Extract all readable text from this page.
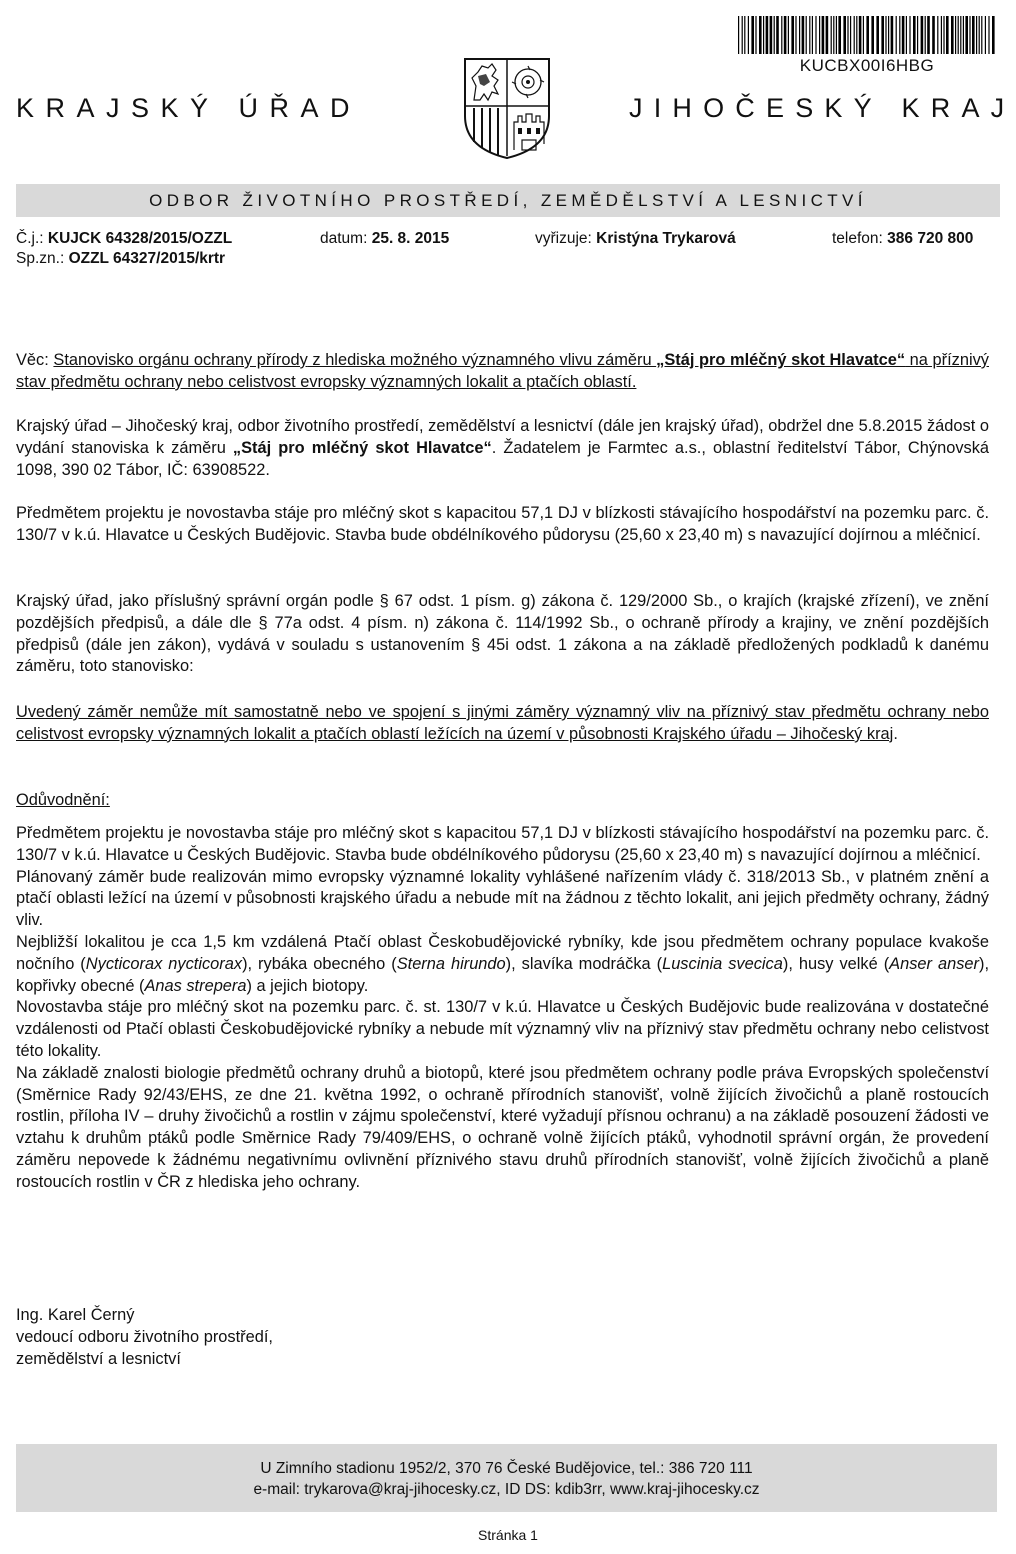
KUCBX00I6HBG
KRAJSKÝ ÚŘAD	JIHOČESKÝ KRAJ
ODBOR ŽIVOTNÍHO PROSTŘEDÍ, ZEMĚDĚLSTVÍ A LESNICTVÍ
Č.j.: KUJCK 64328/2015/OZZL
Sp.zn.: OZZL 64327/2015/krtr
datum: 25. 8. 2015	vyřizuje: Kristýna Trykarová	telefon: 386 720 800

Věc: Stanovisko orgánu ochrany přírody z hlediska možného významného vlivu záměru „Stáj pro mléčný skot Hlavatce“ na příznivý stav předmětu ochrany nebo celistvost evropsky významných lokalit a ptačích oblastí.

Krajský úřad – Jihočeský kraj, odbor životního prostředí, zemědělství a lesnictví (dále jen krajský úřad), obdržel dne 5.8.2015 žádost o vydání stanoviska k záměru „Stáj pro mléčný skot Hlavatce“. Žadatelem je Farmtec a.s., oblastní ředitelství Tábor, Chýnovská 1098, 390 02 Tábor, IČ: 63908522.

Předmětem projektu je novostavba stáje pro mléčný skot s kapacitou 57,1 DJ v blízkosti stávajícího hospodářství na pozemku parc. č. 130/7 v k.ú. Hlavatce u Českých Budějovic. Stavba bude obdélníkového půdorysu (25,60 x 23,40 m) s navazující dojírnou a mléčnicí.

Krajský úřad, jako příslušný správní orgán podle § 67 odst. 1 písm. g) zákona č. 129/2000 Sb., o krajích (krajské zřízení), ve znění pozdějších předpisů, a dále dle § 77a odst. 4 písm. n) zákona č. 114/1992 Sb., o ochraně přírody a krajiny, ve znění pozdějších předpisů (dále jen zákon), vydává v souladu s ustanovením § 45i odst. 1 zákona a na základě předložených podkladů k danému záměru, toto stanovisko:

Uvedený záměr nemůže mít samostatně nebo ve spojení s jinými záměry významný vliv na příznivý stav předmětu ochrany nebo celistvost evropsky významných lokalit a ptačích oblastí ležících na území v působnosti Krajského úřadu – Jihočeský kraj.

Odůvodnění:

Předmětem projektu je novostavba stáje pro mléčný skot s kapacitou 57,1 DJ v blízkosti stávajícího hospodářství na pozemku parc. č. 130/7 v k.ú. Hlavatce u Českých Budějovic. Stavba bude obdélníkového půdorysu (25,60 x 23,40 m) s navazující dojírnou a mléčnicí.

Plánovaný záměr bude realizován mimo evropsky významné lokality vyhlášené nařízením vlády č. 318/2013 Sb., v platném znění a ptačí oblasti ležící na území v působnosti krajského úřadu a nebude mít na žádnou z těchto lokalit, ani jejich předměty ochrany, žádný vliv.

Nejbližší lokalitou je cca 1,5 km vzdálená Ptačí oblast Českobudějovické rybníky, kde jsou předmětem ochrany populace kvakoše nočního (Nycticorax nycticorax), rybáka obecného (Sterna hirundo), slavíka modráčka (Luscinia svecica), husy velké (Anser anser), kopřivky obecné (Anas strepera) a jejich biotopy.

Novostavba stáje pro mléčný skot na pozemku parc. č. st. 130/7 v k.ú. Hlavatce u Českých Budějovic bude realizována v dostatečné vzdálenosti od Ptačí oblasti Českobudějovické rybníky a nebude mít významný vliv na příznivý stav předmětu ochrany nebo celistvost této lokality.

Na základě znalosti biologie předmětů ochrany druhů a biotopů, které jsou předmětem ochrany podle práva Evropských společenství (Směrnice Rady 92/43/EHS, ze dne 21. května 1992, o ochraně přírodních stanovišť, volně žijících živočichů a planě rostoucích rostlin, příloha IV – druhy živočichů a rostlin v zájmu společenství, které vyžadují přísnou ochranu) a na základě posouzení žádosti ve vztahu k druhům ptáků podle Směrnice Rady 79/409/EHS, o ochraně volně žijících ptáků, vyhodnotil správní orgán, že provedení záměru nepovede k žádnému negativnímu ovlivnění příznivého stavu druhů přírodních stanovišť, volně žijících živočichů a planě rostoucích rostlin v ČR z hlediska jeho ochrany.

Ing. Karel Černý
vedoucí odboru životního prostředí,
zemědělství a lesnictví
U Zimního stadionu 1952/2, 370 76 České Budějovice, tel.: 386 720 111
e-mail: trykarova@kraj-jihocesky.cz, ID DS: kdib3rr, www.kraj-jihocesky.cz
Stránka 1
